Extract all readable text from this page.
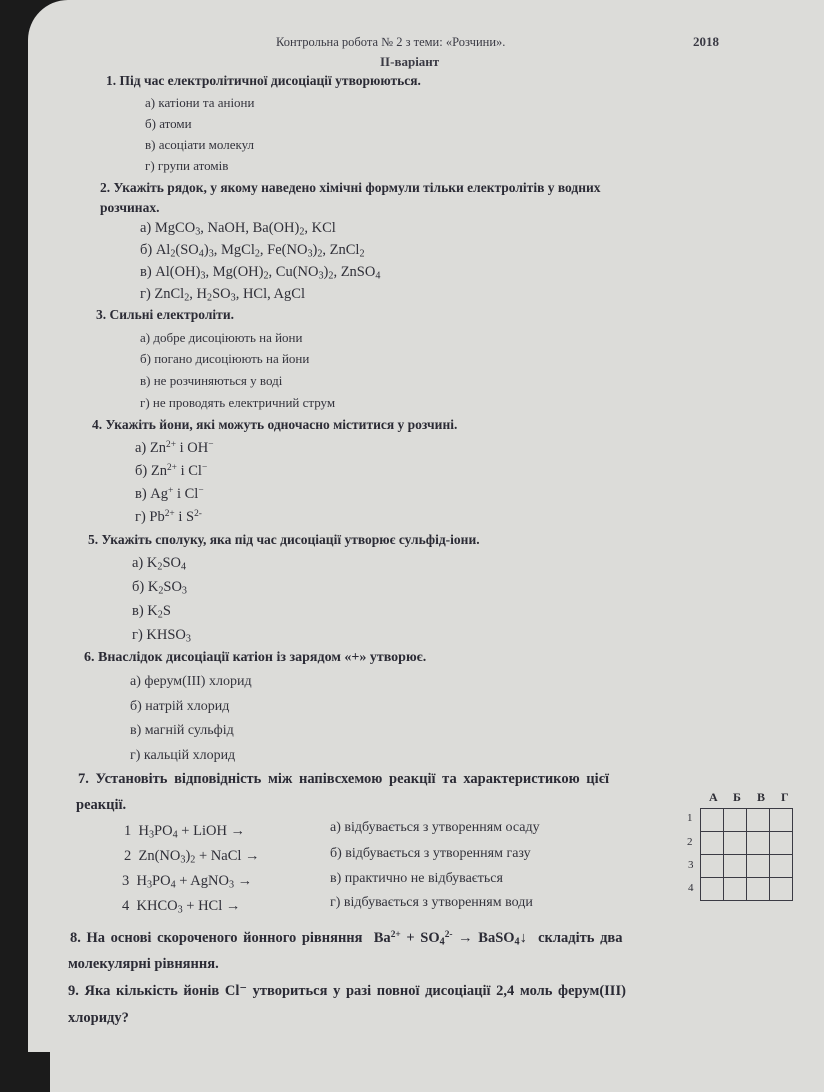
Контрольна робота № 2 з теми: «Розчини».	2018
ІІ-варіант
1. Під час електролітичної дисоціації утворюються.
а) катіони та аніони
б) атоми
в) асоціати молекул
г) групи атомів
2. Укажіть рядок, у якому наведено хімічні формули тільки електролітів у водних
розчинах.
а) MgCO$_3$, NaOH, $Ba(OH)_2$, KCl
б) $Al_2(SO_4)_3$, MgCl$_2$, $Fe(NO_3)_2$, ZnCl$_2$
в) $Al(OH)_3$, $Mg(OH)_2$, $Cu(NO_3)_2$, ZnSO$_4$
г) ZnCl$_2$, $H_2SO_3$, HCl, AgCl
3. Сильні електроліти.
а) добре дисоціюють на йони
б) погано дисоціюють на йони
в) не розчиняються у воді
г) не проводять електричний струм
4. Укажіть йони, які можуть одночасно міститися у розчині.
а) $Zn^{2+}$ і OH−
б) $Zn^{2+}$ і Cl−
в) Ag+ і Cl−
г) $Pb^{2+}$ і $S^{2-}$
5. Укажіть сполуку, яка під час дисоціації утворює сульфід-іони.
а) $K_2SO_4$
б) $K_2SO_3$
в) $K_2S$
г) $KHSO_3$
6. Внаслідок дисоціації катіон із зарядом «+» утворює.
а) ферум(ІІІ) хлорид
б) натрій хлорид
в) магній сульфід
г) кальцій хлорид
7. Установіть відповідність між напівсхемою реакції та характеристикою цієї
реакції.
1  $H_3PO_4$ + LiOH →
2  $Zn(NO_3)_2$ + NaCl →
3  $H_3PO_4$ + AgNO$_3$ →
4  $KHCO_3$ + HCl →
а) відбувається з утворенням осаду
б) відбувається з утворенням газу
в) практично не відбувається
г) відбувається з утворенням води
А Б В Г
1
2
3
4

8. На основі скороченого йонного рівняння  $Ba^{2+} + SO_4^{2-}$ → BaSO$_4$↓  складіть два
молекулярні рівняння.
9. Яка кількість йонів Cl⁻ утвориться у разі повної дисоціації 2,4 моль ферум(ІІІ)
хлориду?
